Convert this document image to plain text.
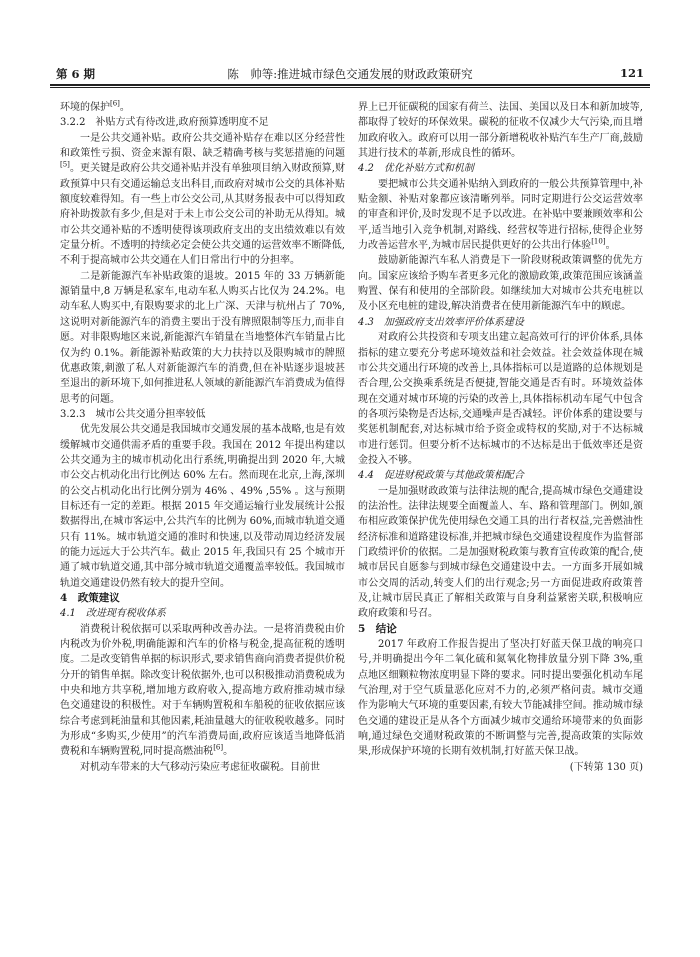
第 6 期	陈　帅等:推进城市绿色交通发展的财政政策研究	121

环境的保护[6]。

3.2.2　补贴方式有待改进,政府预算透明度不足

一是公共交通补贴。政府公共交通补贴存在难以区分经营性和政策性亏损、资金来源有限、缺乏精确考核与奖惩措施的问题[5]。更关键是政府公共交通补贴并没有单独项目纳入财政预算,财政预算中只有交通运输总支出科目,而政府对城市公交的具体补贴额度较难得知。有一些上市公交公司,从其财务报表中可以得知政府补助拨款有多少,但是对于未上市公交公司的补助无从得知。城市公共交通补贴的不透明使得该项政府支出的支出绩效难以有效定量分析。不透明的持续必定会使公共交通的运营效率不断降低,不利于提高城市公共交通在人们日常出行中的分担率。

二是新能源汽车补贴政策的退坡。2015 年的 33 万辆新能源销量中,8 万辆是私家车,电动车私人购买占比仅为 24.2%。电动车私人购买中,有限购要求的北上广深、天津与杭州占了 70%,这说明对新能源汽车的消费主要出于没有牌照限制等压力,而非自愿。对非限购地区来说,新能源汽车销量在当地整体汽车销量占比仅为约 0.1%。新能源补贴政策的大力扶持以及限购城市的牌照优惠政策,刺激了私人对新能源汽车的消费,但在补贴逐步退坡甚至退出的新环境下,如何推进私人领域的新能源汽车消费成为值得思考的问题。

3.2.3　城市公共交通分担率较低

优先发展公共交通是我国城市交通发展的基本战略,也是有效缓解城市交通供需矛盾的重要手段。我国在 2012 年提出构建以公共交通为主的城市机动化出行系统,明确提出到 2020 年,大城市公交占机动化出行比例达 60% 左右。然而现在北京,上海,深圳的公交占机动化出行比例分别为 46% 、49% ,55% 。这与预期目标还有一定的差距。根据 2015 年交通运输行业发展统计公报数据得出,在城市客运中,公共汽车的比例为 60%,而城市轨道交通只有 11%。城市轨道交通的准时和快速,以及带动周边经济发展的能力远远大于公共汽车。截止 2015 年,我国只有 25 个城市开通了城市轨道交通,其中部分城市轨道交通覆盖率较低。我国城市轨道交通建设仍然有较大的提升空间。

4　政策建议
4.1　改进现有税收体系

消费税计税依据可以采取两种改善办法。一是将消费税由价内税改为价外税,明确能源和汽车的价格与税金,提高征税的透明度。二是改变销售单据的标识形式,要求销售商向消费者提供价税分开的销售单据。除改变计税依据外,也可以积极推动消费税成为中央和地方共享税,增加地方政府收入,提高地方政府推动城市绿色交通建设的积极性。对于车辆购置税和车船税的征收依据应该综合考虑到耗油量和其他因素,耗油量越大的征收税收越多。同时为形成“多购买,少使用”的汽车消费局面,政府应该适当地降低消费税和车辆购置税,同时提高燃油税[6]。

对机动车带来的大气移动污染应考虑征收碳税。目前世

界上已开征碳税的国家有荷兰、法国、美国以及日本和新加坡等,都取得了较好的环保效果。碳税的征收不仅减少大气污染,而且增加政府收入。政府可以用一部分新增税收补贴汽车生产厂商,鼓励其进行技术的革新,形成良性的循环。

4.2　优化补贴方式和机制

要把城市公共交通补贴纳入到政府的一般公共预算管理中,补贴金额、补贴对象都应该清晰列举。同时定期进行公交运营效率的审查和评价,及时发现不足予以改进。在补贴中要兼顾效率和公平,适当地引入竞争机制,对路线、经营权等进行招标,使得企业努力改善运营水平,为城市居民提供更好的公共出行体验[10]。

鼓励新能源汽车私人消费是下一阶段财税政策调整的优先方向。国家应该给予购车者更多元化的激励政策,政策范围应该涵盖购置、保有和使用的全部阶段。如继续加大对城市公共充电桩以及小区充电桩的建设,解决消费者在使用新能源汽车中的顾虑。

4.3　加强政府支出效率评价体系建设

对政府公共投资和专项支出建立起高效可行的评价体系,具体指标的建立要充分考虑环境效益和社会效益。社会效益体现在城市公共交通出行环境的改善上,具体指标可以是道路的总体规划是否合理,公交换乘系统是否便捷,智能交通是否有时。环境效益体现在交通对城市环境的污染的改善上,具体指标机动车尾气中包含的各项污染物是否达标,交通噪声是否减轻。评价体系的建设要与奖惩机制配套,对达标城市给予资金或特权的奖励,对于不达标城市进行惩罚。但要分析不达标城市的不达标是出于低效率还是资金投入不够。

4.4　促进财税政策与其他政策相配合

一是加强财政政策与法律法规的配合,提高城市绿色交通建设的法治性。法律法规要全面覆盖人、车、路和管理部门。例如,颁布相应政策保护优先使用绿色交通工具的出行者权益,完善燃油性经济标准和道路建设标准,并把城市绿色交通建设程度作为监督部门政绩评价的依据。二是加强财税政策与教育宣传政策的配合,使城市居民自愿参与到城市绿色交通建设中去。一方面多开展如城市公交周的活动,转变人们的出行观念;另一方面促进政府政策普及,让城市居民真正了解相关政策与自身利益紧密关联,积极响应政府政策和号召。

5　结论

2017 年政府工作报告提出了坚决打好蓝天保卫战的响亮口号,并明确提出今年二氧化硫和氮氧化物排放量分别下降 3%,重点地区细颗粒物浓度明显下降的要求。同时提出要强化机动车尾气治理,对于空气质量恶化应对不力的,必须严格问责。城市交通作为影响大气环境的重要因素,有较大节能减排空间。推动城市绿色交通的建设正是从各个方面减少城市交通给环境带来的负面影响,通过绿色交通财税政策的不断调整与完善,提高政策的实际效果,形成保护环境的长期有效机制,打好蓝天保卫战。

(下转第 130 页)
